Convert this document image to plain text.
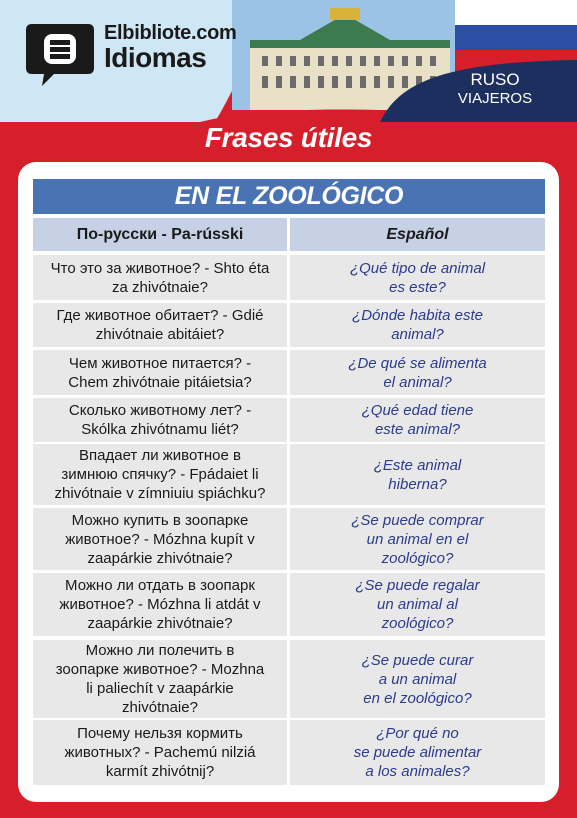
Elbibliote.com
Idiomas
RUSO
VIAJEROS
Frases útiles
EN EL ZOOLÓGICO
По-русски - Pa-rússki	Español
Что это за животное? - Shto éta
za zhivótnaie?
¿Qué tipo de animal
es este?
Где животное обитает? - Gdié
zhivótnaie abitáiet?
¿Dónde habita este
animal?
Чем животное питается? -
Chem zhivótnaie pitáietsia?
¿De qué se alimenta
el animal?
Сколько животному лет? -
Skólka zhivótnamu liét?
¿Qué edad tiene
este animal?
Впадает ли животное в
зимнюю спячку? - Fpádaiet li
zhivótnaie v zímniuiu spiáchku?
¿Este animal
hiberna?
Можно купить в зоопарке
животное? - Mózhna kupít v
zaapárkie zhivótnaie?
¿Se puede comprar
un animal en el
zoológico?
Можно ли отдать в зоопарк
животное? - Mózhna li atdát v
zaapárkie zhivótnaie?
¿Se puede regalar
un animal al
zoológico?
Можно ли полечить в
зоопарке животное? - Mozhna
li paliechít v zaapárkie
zhivótnaie?
¿Se puede curar
a un animal
en el zoológico?
Почему нельзя кормить
животных? - Pachemú nilziá
karmít zhivótnij?
¿Por qué no
se puede alimentar
a los animales?
